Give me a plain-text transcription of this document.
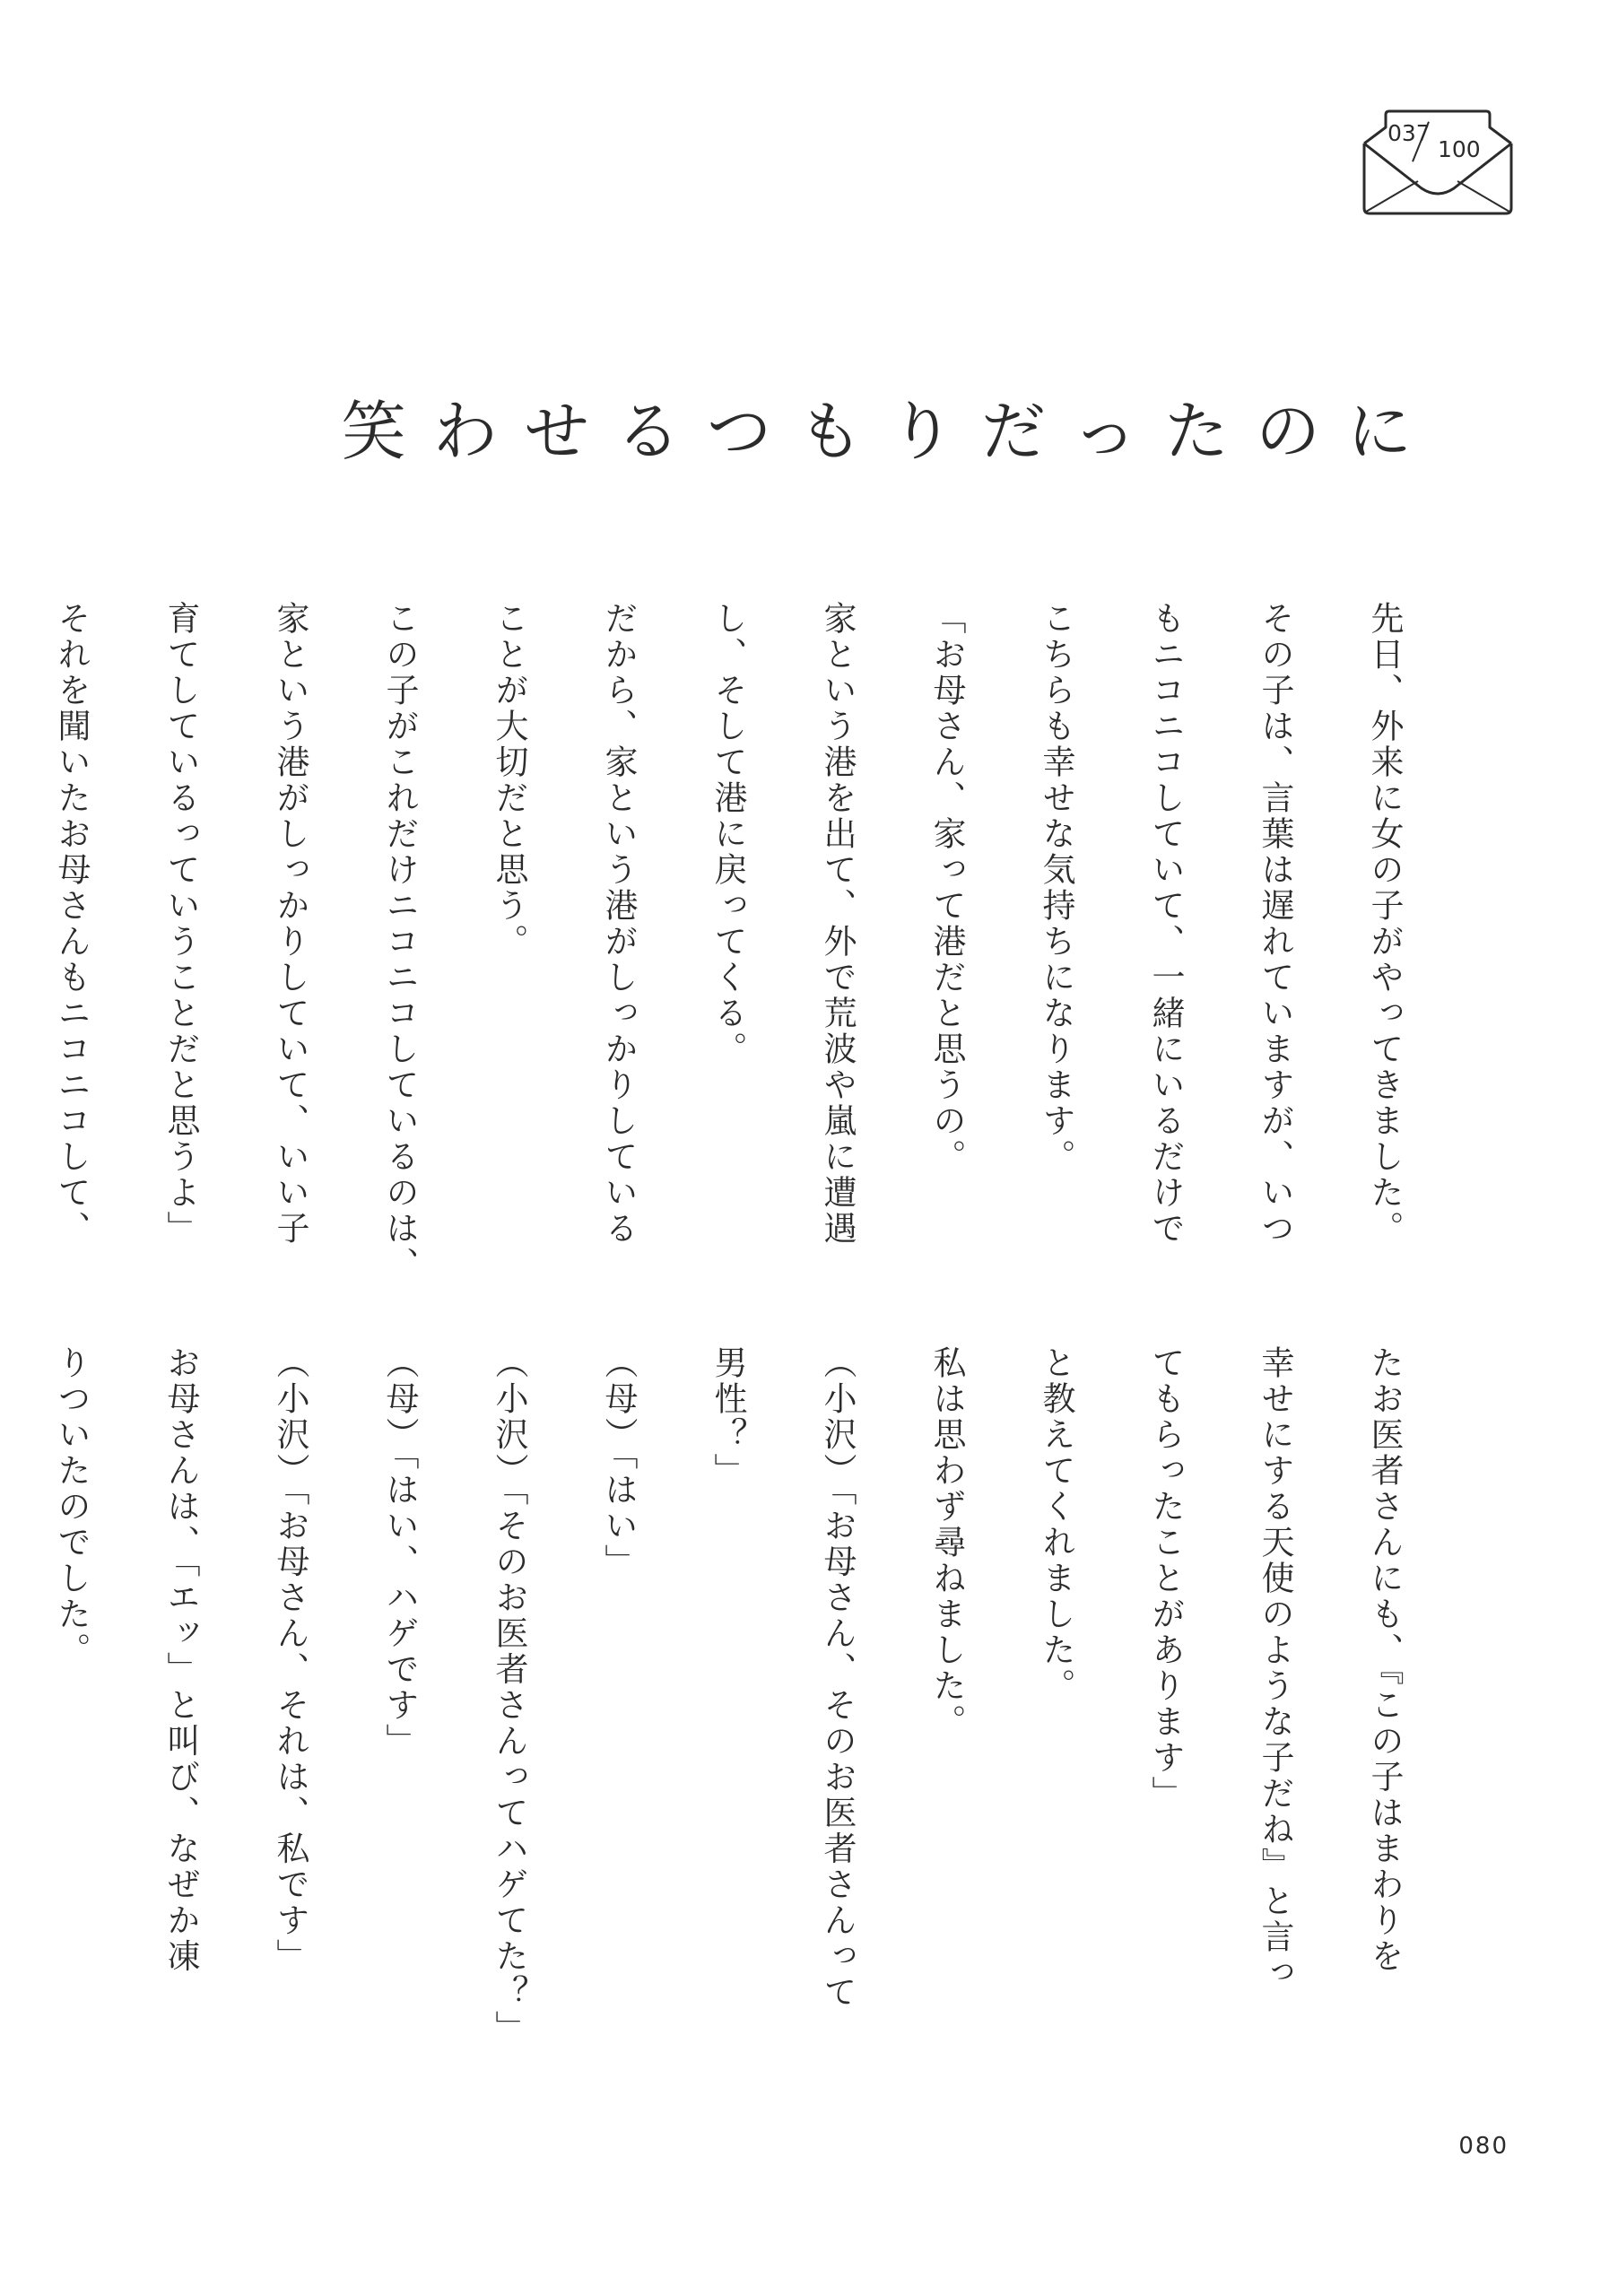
037
100
笑わせるつもりだったのに

先日、外来に女の子がやってきました。

その子は、言葉は遅れていますが、いつ

もニコニコしていて、一緒にいるだけで

こちらも幸せな気持ちになります。

「お母さん、家って港だと思うの。

家という港を出て、外で荒波や嵐に遭遇

し、そして港に戻ってくる。

だから、家という港がしっかりしている

ことが大切だと思う。

この子がこれだけニコニコしているのは、

家という港がしっかりしていて、いい子

育てしているっていうことだと思うよ」

それを聞いたお母さんもニコニコして、

たお医者さんにも、『この子はまわりを

幸せにする天使のような子だね』と言っ

てもらったことがあります」

と教えてくれました。

私は思わず尋ねました。

（小沢）「お母さん、そのお医者さんって

男性？」

（母）「はい」

（小沢）「そのお医者さんってハゲてた？」

（母）「はい、ハゲです」

（小沢）「お母さん、それは、私です」

お母さんは、「エッ」と叫び、なぜか凍

りついたのでした。

080
